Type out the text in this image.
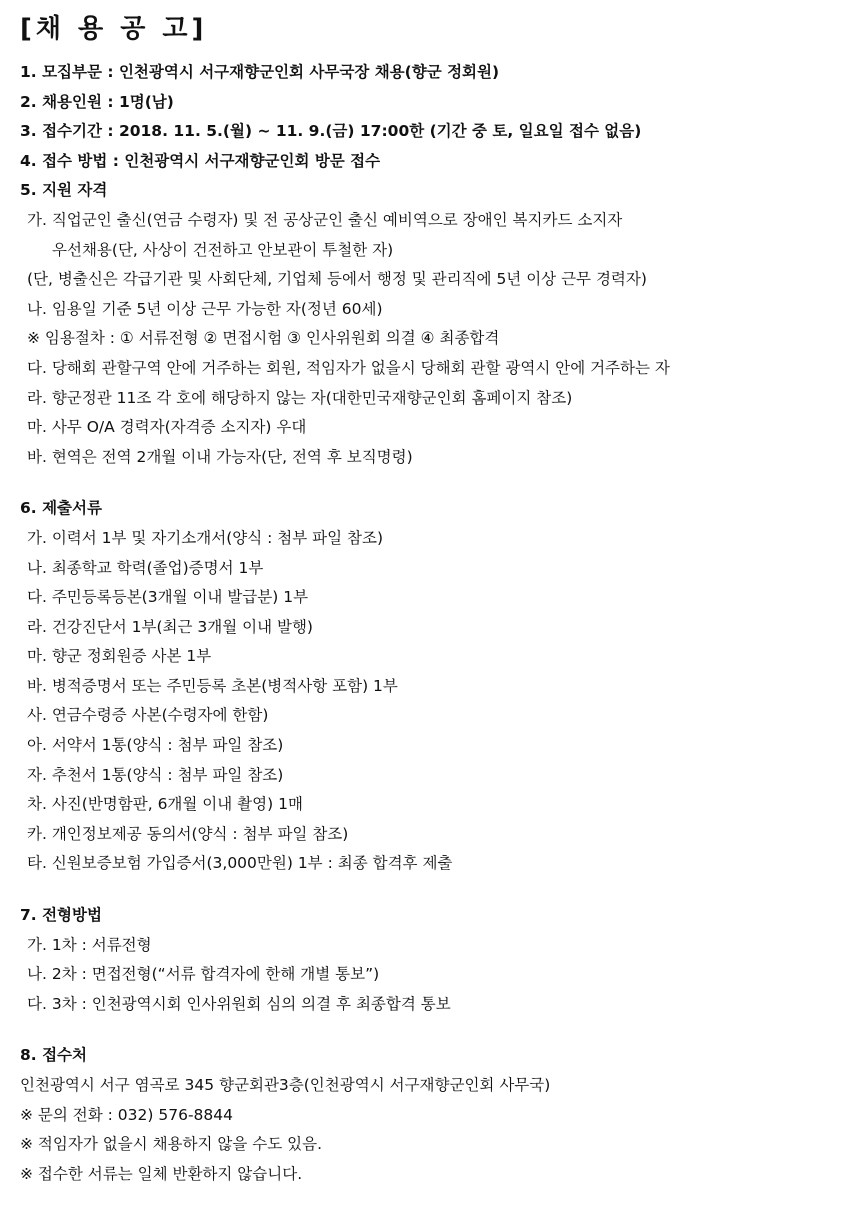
[채 용 공 고]
1. 모집부문 : 인천광역시 서구재향군인회 사무국장 채용(향군 정회원)
2. 채용인원 : 1명(남)
3. 접수기간 : 2018. 11. 5.(월) ~ 11. 9.(금) 17:00한 (기간 중 토, 일요일 접수 없음)
4. 접수 방법 : 인천광역시 서구재향군인회 방문 접수
5. 지원 자격
가. 직업군인 출신(연금 수령자) 및 전 공상군인 출신 예비역으로 장애인 복지카드 소지자
우선채용(단, 사상이 건전하고 안보관이 투철한 자)
(단, 병출신은 각급기관 및 사회단체, 기업체 등에서 행정 및 관리직에 5년 이상 근무 경력자)
나. 임용일 기준 5년 이상 근무 가능한 자(정년 60세)
※ 임용절차 : ① 서류전형 ② 면접시험 ③ 인사위원회 의결 ④ 최종합격
다. 당해회 관할구역 안에 거주하는 회원, 적임자가 없을시 당해회 관할 광역시 안에 거주하는 자
라. 향군정관 11조 각 호에 해당하지 않는 자(대한민국재향군인회 홈페이지 참조)
마. 사무 O/A 경력자(자격증 소지자) 우대
바. 현역은 전역 2개월 이내 가능자(단, 전역 후 보직명령)
6. 제출서류
가. 이력서 1부 및 자기소개서(양식 : 첨부 파일 참조)
나. 최종학교 학력(졸업)증명서 1부
다. 주민등록등본(3개월 이내 발급분) 1부
라. 건강진단서 1부(최근 3개월 이내 발행)
마. 향군 정회원증 사본 1부
바. 병적증명서 또는 주민등록 초본(병적사항 포함) 1부
사. 연금수령증 사본(수령자에 한함)
아. 서약서 1통(양식 : 첨부 파일 참조)
자. 추천서 1통(양식 : 첨부 파일 참조)
차. 사진(반명함판, 6개월 이내 촬영) 1매
카. 개인정보제공 동의서(양식 : 첨부 파일 참조)
타. 신원보증보험 가입증서(3,000만원) 1부 : 최종 합격후 제출
7. 전형방법
가. 1차 : 서류전형
나. 2차 : 면접전형(“서류 합격자에 한해 개별 통보”)
다. 3차 : 인천광역시회 인사위원회 심의 의결 후 최종합격 통보
8. 접수처
인천광역시 서구 염곡로 345 향군회관3층(인천광역시 서구재향군인회 사무국)
※ 문의 전화 : 032) 576-8844
※ 적임자가 없을시 채용하지 않을 수도 있음.
※ 접수한 서류는 일체 반환하지 않습니다.
